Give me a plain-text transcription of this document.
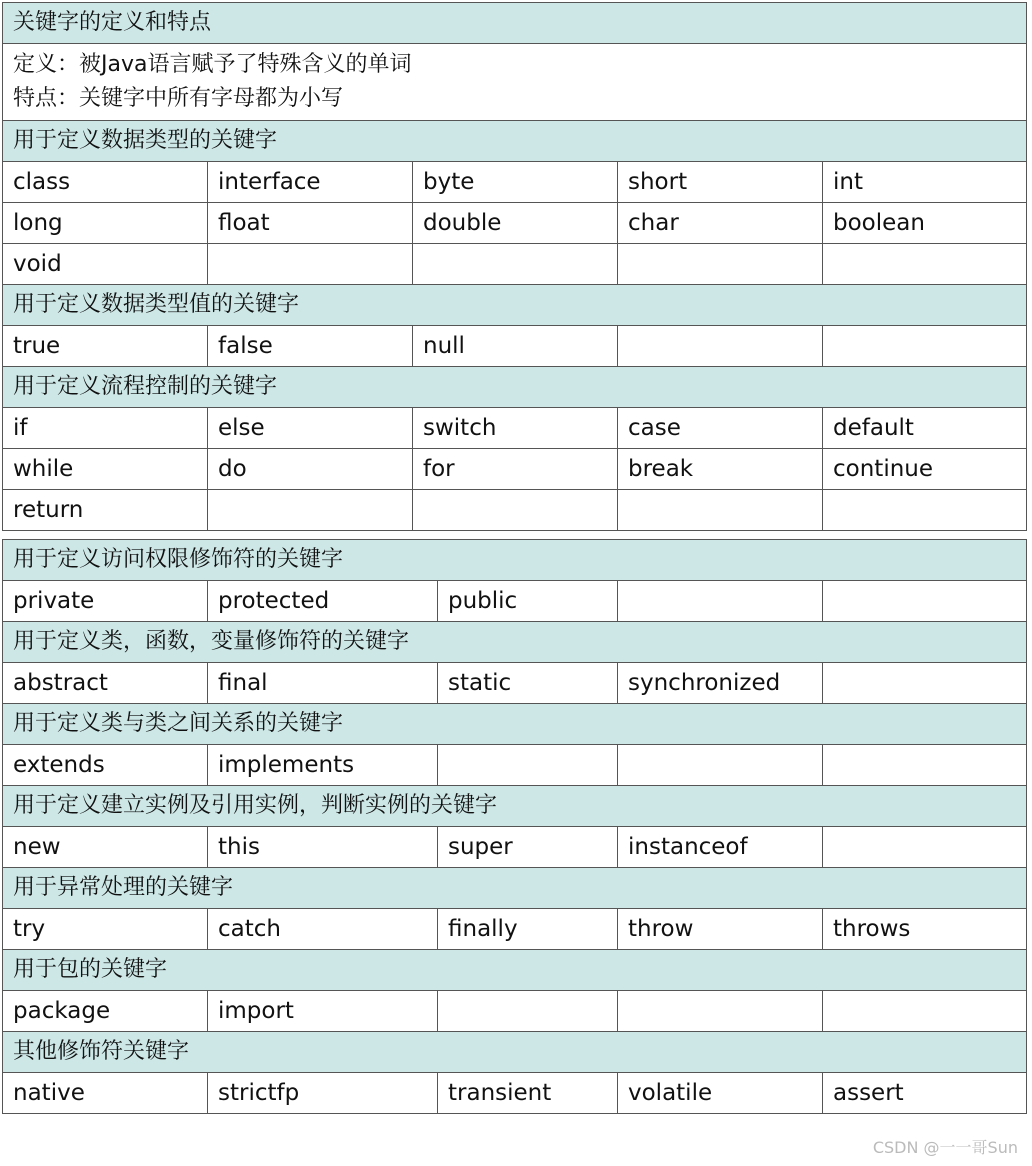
关键字的定义和特点				

定义：被Java语言赋予了特殊含义的单词
特点：关键字中所有字母都为小写				

用于定义数据类型的关键字				
class	interface	byte	short	int
long	float	double	char	boolean
void				
用于定义数据类型值的关键字				
true	false	null		
用于定义流程控制的关键字				
if	else	switch	case	default
while	do	for	break	continue
return				
用于定义访问权限修饰符的关键字				
private	protected	public		
用于定义类，函数，变量修饰符的关键字				
abstract	final	static	synchronized	
用于定义类与类之间关系的关键字				
extends	implements			
用于定义建立实例及引用实例，判断实例的关键字				
new	this	super	instanceof	
用于异常处理的关键字				
try	catch	finally	throw	throws
用于包的关键字				
package	import			
其他修饰符关键字				
native	strictfp	transient	volatile	assert
CSDN @一一哥Sun
